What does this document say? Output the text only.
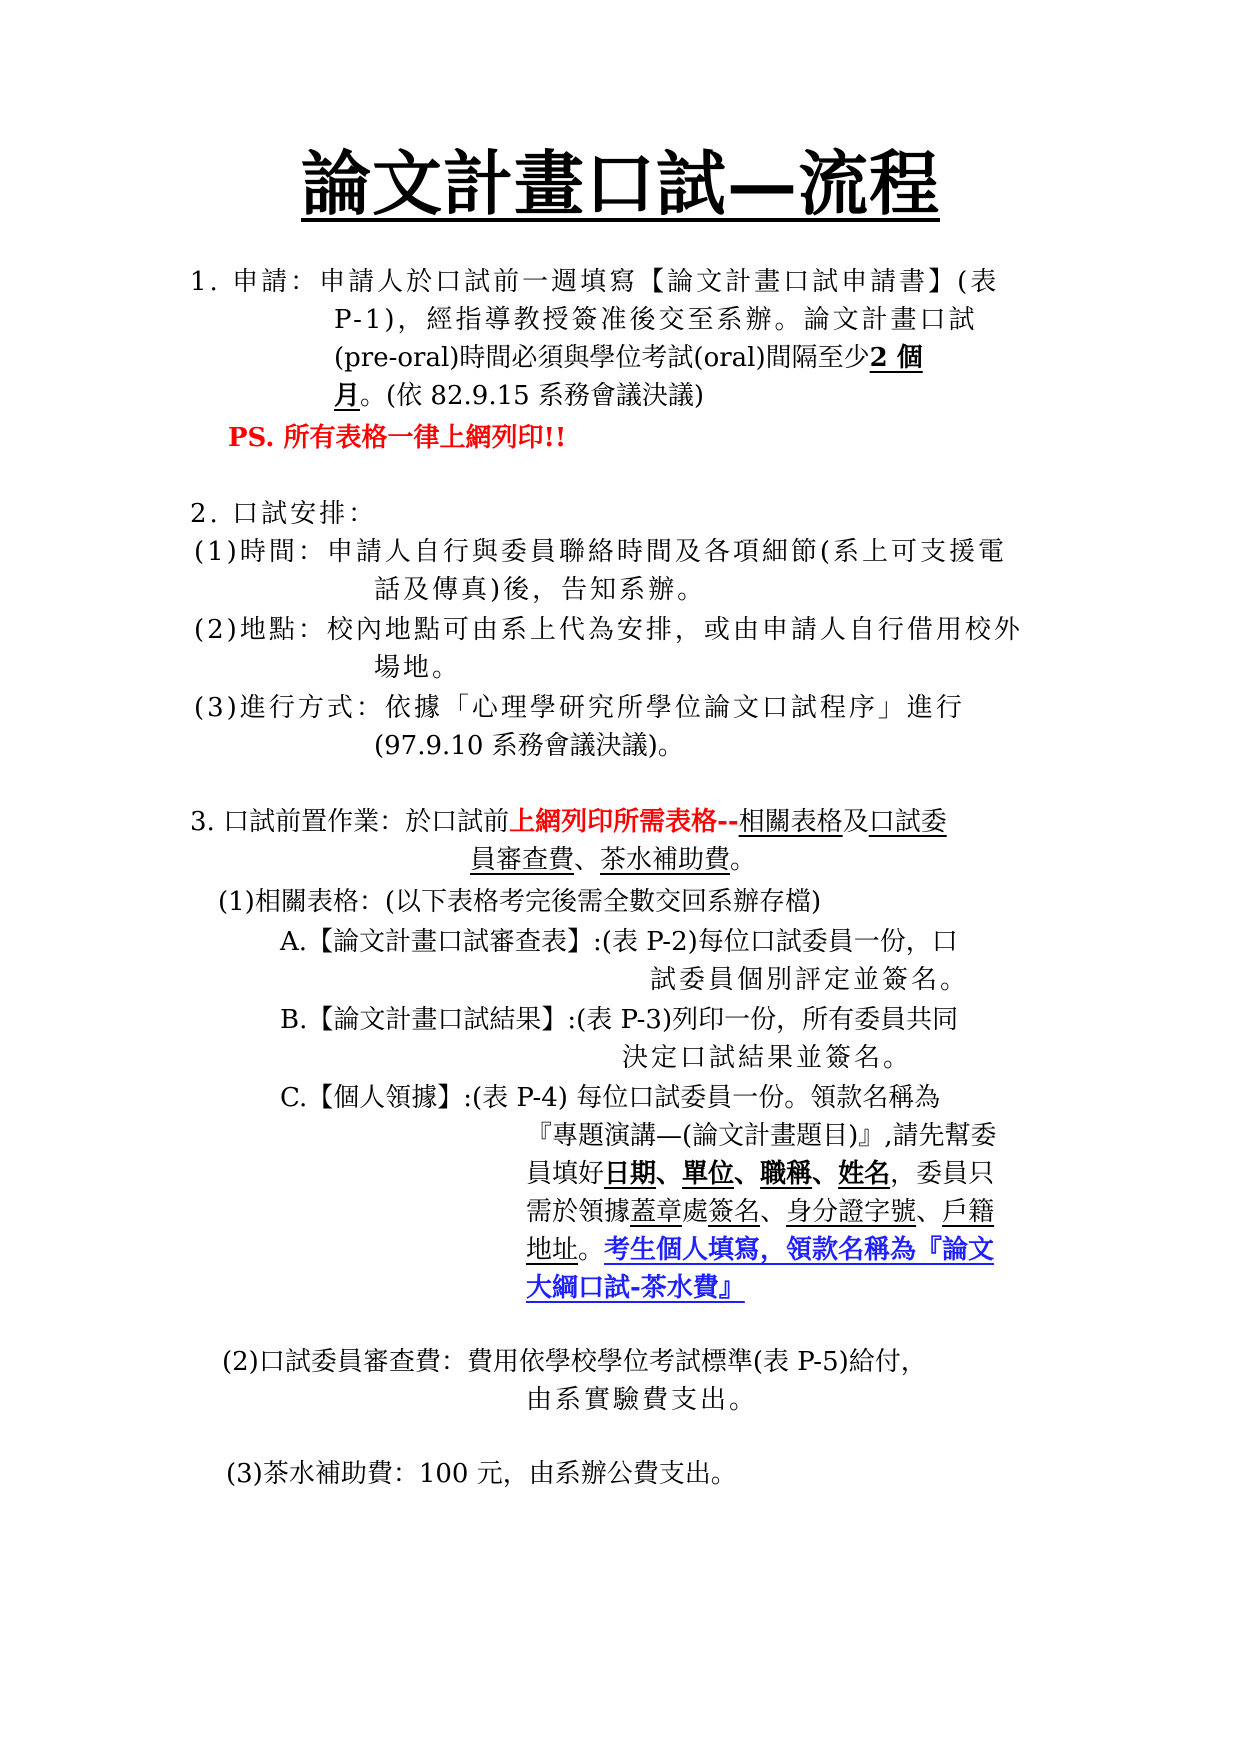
論文計畫口試—流程
1. 申請：申請人於口試前一週填寫【論文計畫口試申請書】(表
P-1)，經指導教授簽准後交至系辦。論文計畫口試
(pre-oral)時間必須與學位考試(oral)間隔至少2 個
月。(依 82.9.15 系務會議決議)
PS. 所有表格一律上網列印!!
2. 口試安排：
(1)時間：申請人自行與委員聯絡時間及各項細節(系上可支援電
話及傳真)後，告知系辦。
(2)地點：校內地點可由系上代為安排，或由申請人自行借用校外
場地。
(3)進行方式：依據「心理學研究所學位論文口試程序」進行
(97.9.10 系務會議決議)。
3. 口試前置作業：於口試前上網列印所需表格--相關表格及口試委
員審查費、茶水補助費。
(1)相關表格：(以下表格考完後需全數交回系辦存檔)
A.【論文計畫口試審查表】:(表 P-2)每位口試委員一份，口
試委員個別評定並簽名。
B.【論文計畫口試結果】:(表 P-3)列印一份，所有委員共同
決定口試結果並簽名。
C.【個人領據】:(表 P-4) 每位口試委員一份。領款名稱為
『專題演講—(論文計畫題目)』,請先幫委
員填好日期、單位、職稱、姓名，委員只
需於領據蓋章處簽名、身分證字號、戶籍
地址。考生個人填寫，領款名稱為『論文
大綱口試-茶水費』
(2)口試委員審查費：費用依學校學位考試標準(表 P-5)給付，
由系實驗費支出。
(3)茶水補助費：100 元，由系辦公費支出。
